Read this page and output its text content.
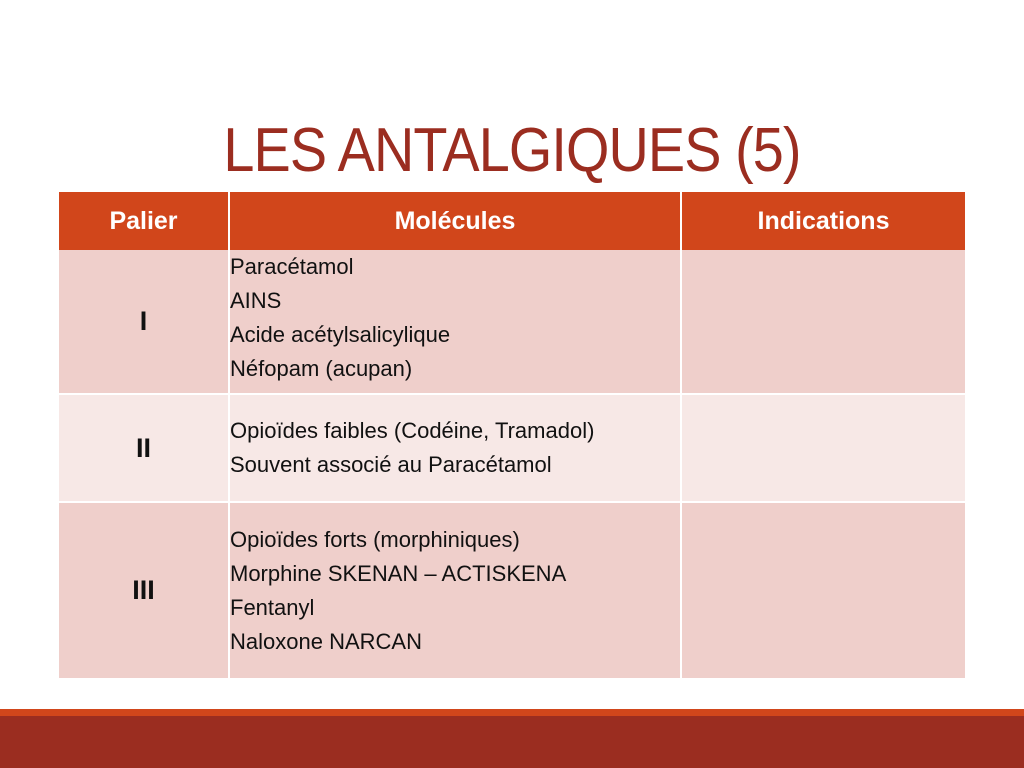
LES ANTALGIQUES (5)
Palier	Molécules	Indications
I	Paracétamol
AINS
Acide acétylsalicylique
Néfopam (acupan)	

II	Opioïdes faibles (Codéine, Tramadol)
Souvent associé au Paracétamol	

III	Opioïdes forts (morphiniques)
Morphine SKENAN – ACTISKENA
Fentanyl
Naloxone NARCAN	
